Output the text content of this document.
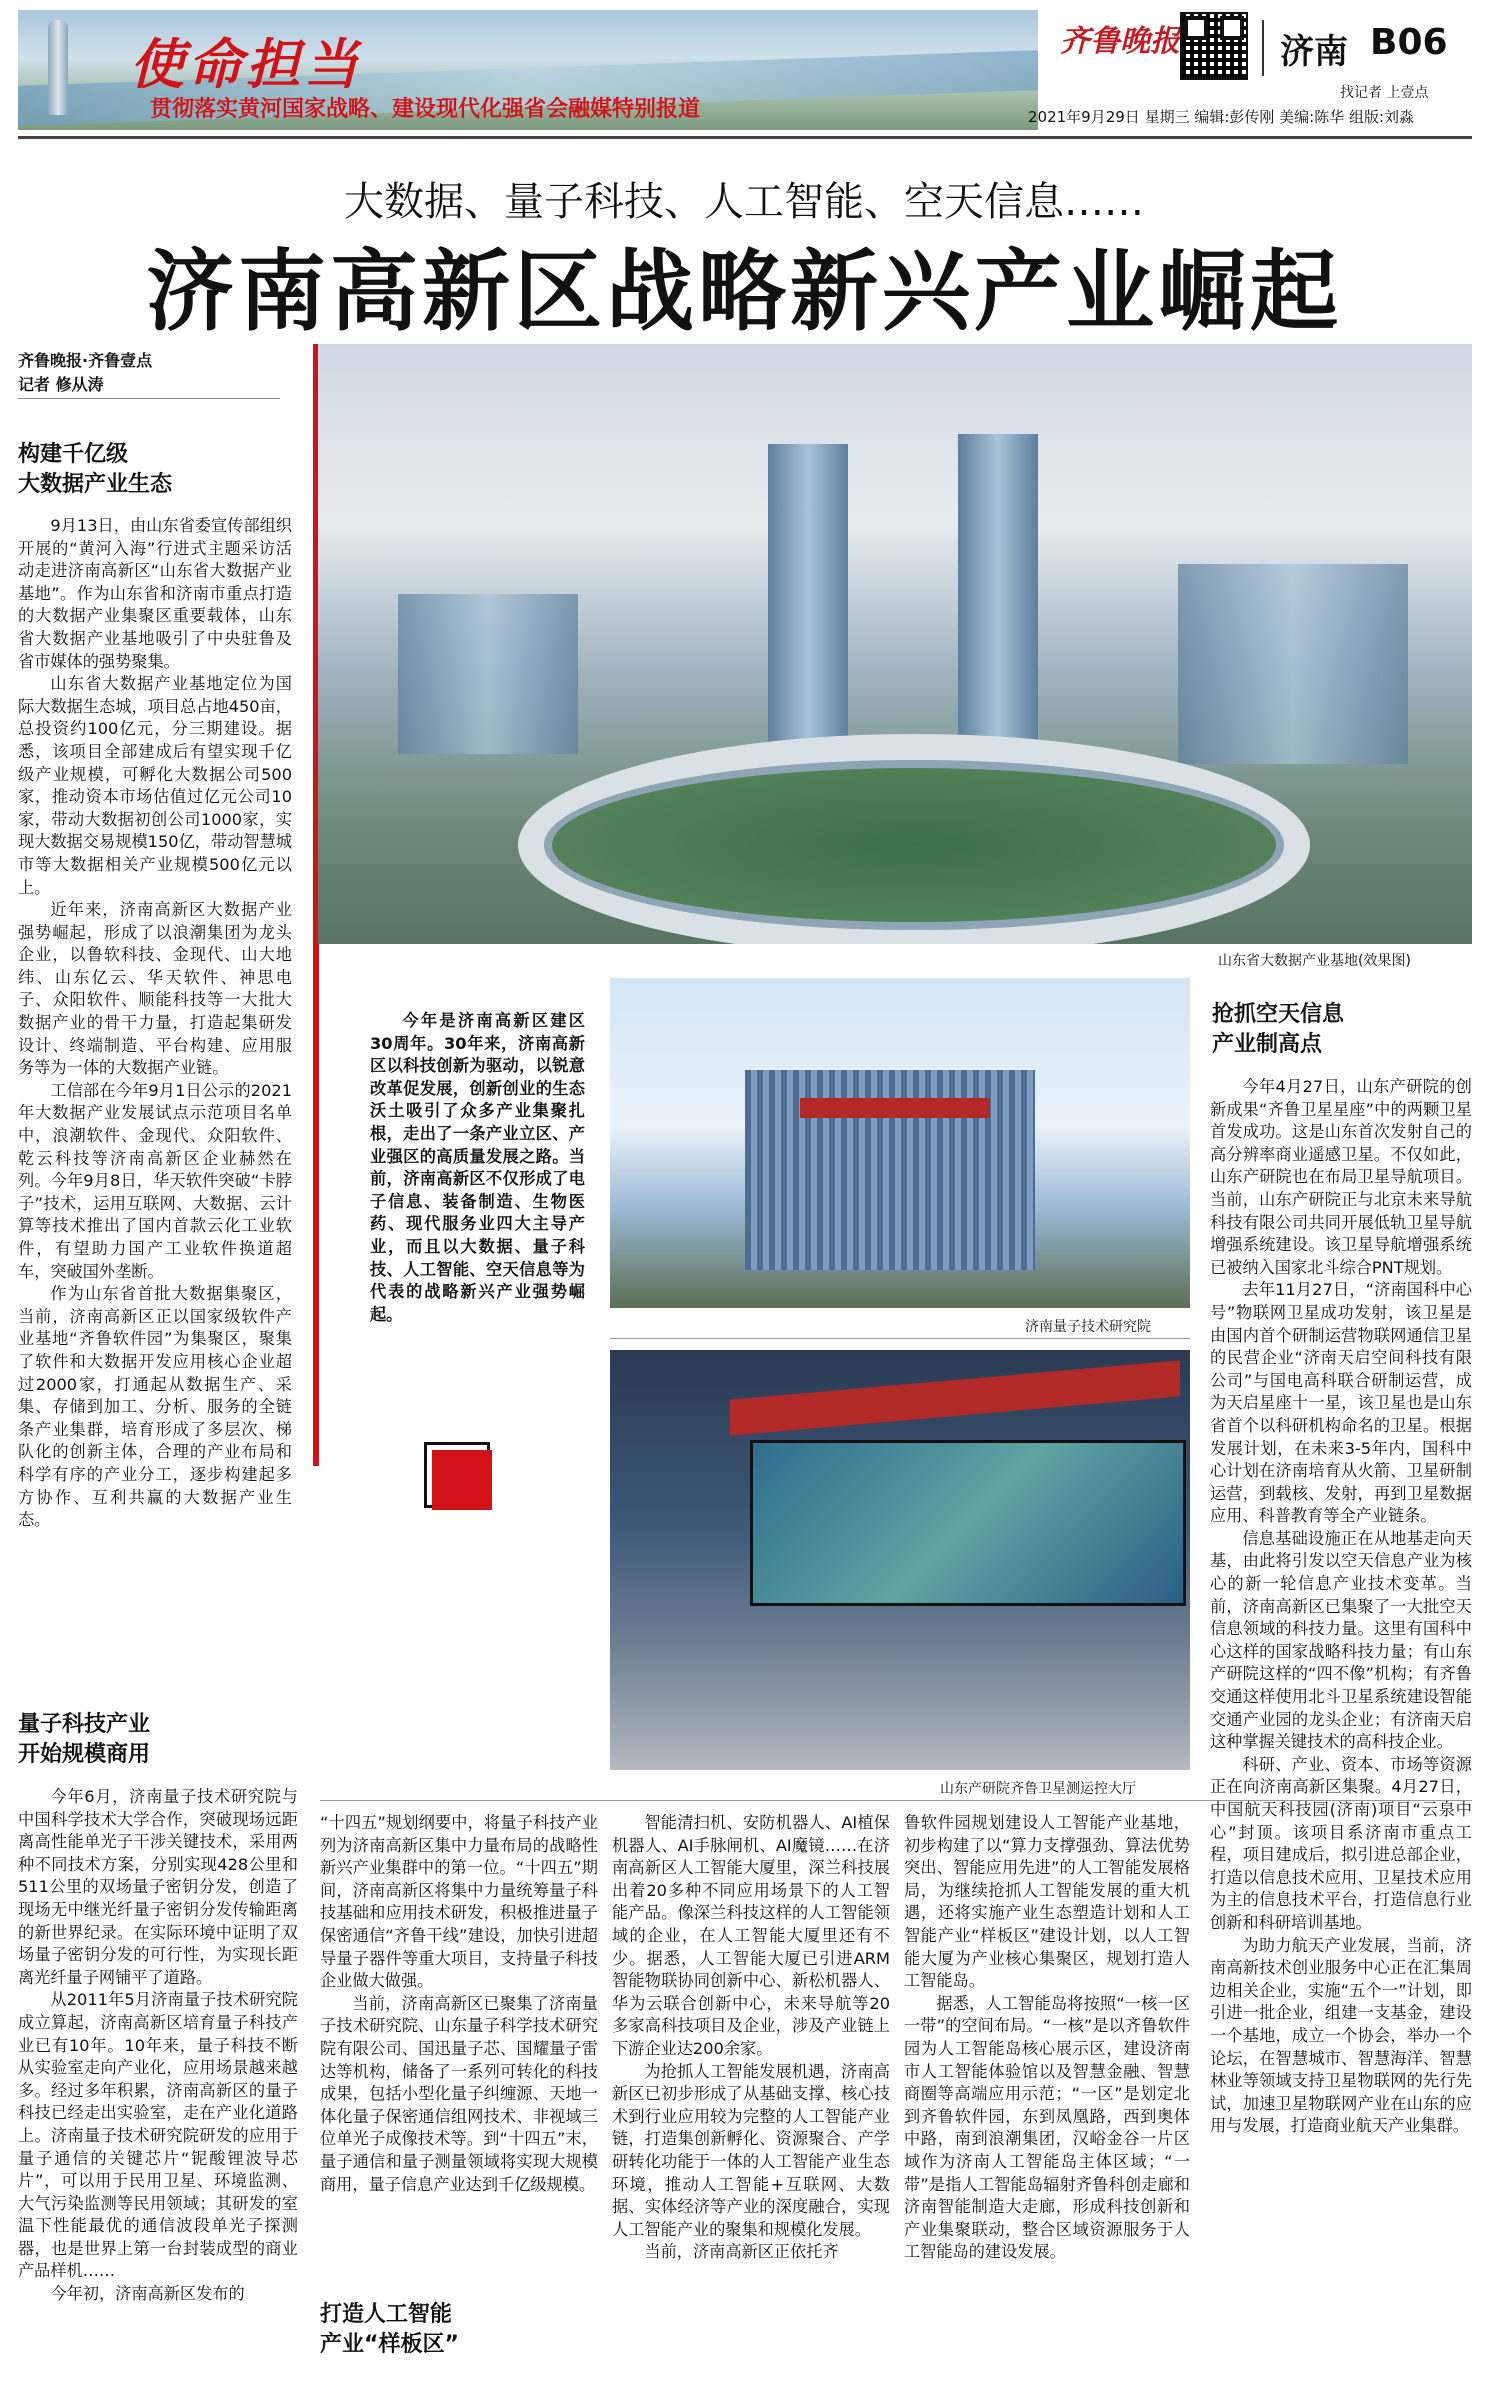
使命担当
贯彻落实黄河国家战略、建设现代化强省会融媒特别报道
齐鲁晚报	济南 B06
找记者 上壹点
2021年9月29日 星期三 编辑:彭传刚 美编:陈华 组版:刘淼
大数据、量子科技、人工智能、空天信息……
济南高新区战略新兴产业崛起
齐鲁晚报·齐鲁壹点
记者 修从涛
构建千亿级
大数据产业生态

9月13日，由山东省委宣传部组织开展的“黄河入海”行进式主题采访活动走进济南高新区“山东省大数据产业基地”。作为山东省和济南市重点打造的大数据产业集聚区重要载体，山东省大数据产业基地吸引了中央驻鲁及省市媒体的强势聚集。

山东省大数据产业基地定位为国际大数据生态城，项目总占地450亩，总投资约100亿元，分三期建设。据悉，该项目全部建成后有望实现千亿级产业规模，可孵化大数据公司500家，推动资本市场估值过亿元公司10家，带动大数据初创公司1000家，实现大数据交易规模150亿，带动智慧城市等大数据相关产业规模500亿元以上。

近年来，济南高新区大数据产业强势崛起，形成了以浪潮集团为龙头企业，以鲁软科技、金现代、山大地纬、山东亿云、华天软件、神思电子、众阳软件、顺能科技等一大批大数据产业的骨干力量，打造起集研发设计、终端制造、平台构建、应用服务等为一体的大数据产业链。

工信部在今年9月1日公示的2021年大数据产业发展试点示范项目名单中，浪潮软件、金现代、众阳软件、乾云科技等济南高新区企业赫然在列。今年9月8日，华天软件突破“卡脖子”技术，运用互联网、大数据、云计算等技术推出了国内首款云化工业软件，有望助力国产工业软件换道超车，突破国外垄断。

作为山东省首批大数据集聚区，当前，济南高新区正以国家级软件产业基地“齐鲁软件园”为集聚区，聚集了软件和大数据开发应用核心企业超过2000家，打通起从数据生产、采集、存储到加工、分析、服务的全链条产业集群，培育形成了多层次、梯队化的创新主体，合理的产业布局和科学有序的产业分工，逐步构建起多方协作、互利共赢的大数据产业生态。

量子科技产业
开始规模商用

今年6月，济南量子技术研究院与中国科学技术大学合作，突破现场远距离高性能单光子干涉关键技术，采用两种不同技术方案，分别实现428公里和511公里的双场量子密钥分发，创造了现场无中继光纤量子密钥分发传输距离的新世界纪录。在实际环境中证明了双场量子密钥分发的可行性，为实现长距离光纤量子网铺平了道路。

从2011年5月济南量子技术研究院成立算起，济南高新区培育量子科技产业已有10年。10年来，量子科技不断从实验室走向产业化，应用场景越来越多。经过多年积累，济南高新区的量子科技已经走出实验室，走在产业化道路上。济南量子技术研究院研发的应用于量子通信的关键芯片“铌酸锂波导芯片”，可以用于民用卫星、环境监测、大气污染监测等民用领域；其研发的室温下性能最优的通信波段单光子探测器，也是世界上第一台封装成型的商业产品样机……

今年初，济南高新区发布的

山东省大数据产业基地(效果图)

今年是济南高新区建区30周年。30年来，济南高新区以科技创新为驱动，以锐意改革促发展，创新创业的生态沃土吸引了众多产业集聚扎根，走出了一条产业立区、产业强区的高质量发展之路。当前，济南高新区不仅形成了电子信息、装备制造、生物医药、现代服务业四大主导产业，而且以大数据、量子科技、人工智能、空天信息等为代表的战略新兴产业强势崛起。

济南量子技术研究院
山东产研院齐鲁卫星测运控大厅

“十四五”规划纲要中，将量子科技产业列为济南高新区集中力量布局的战略性新兴产业集群中的第一位。“十四五”期间，济南高新区将集中力量统筹量子科技基础和应用技术研发，积极推进量子保密通信“齐鲁干线”建设，加快引进超导量子器件等重大项目，支持量子科技企业做大做强。

当前，济南高新区已聚集了济南量子技术研究院、山东量子科学技术研究院有限公司、国迅量子芯、国耀量子雷达等机构，储备了一系列可转化的科技成果，包括小型化量子纠缠源、天地一体化量子保密通信组网技术、非视域三位单光子成像技术等。到“十四五”末，量子通信和量子测量领域将实现大规模商用，量子信息产业达到千亿级规模。

打造人工智能
产业“样板区”

智能清扫机、安防机器人、AI植保机器人、AI手脉闸机、AI魔镜……在济南高新区人工智能大厦里，深兰科技展出着20多种不同应用场景下的人工智能产品。像深兰科技这样的人工智能领域的企业，在人工智能大厦里还有不少。据悉，人工智能大厦已引进ARM智能物联协同创新中心、新松机器人、华为云联合创新中心，未来导航等20多家高科技项目及企业，涉及产业链上下游企业达200余家。

为抢抓人工智能发展机遇，济南高新区已初步形成了从基础支撑、核心技术到行业应用较为完整的人工智能产业链，打造集创新孵化、资源聚合、产学研转化功能于一体的人工智能产业生态环境，推动人工智能+互联网、大数据、实体经济等产业的深度融合，实现人工智能产业的聚集和规模化发展。

当前，济南高新区正依托齐

鲁软件园规划建设人工智能产业基地，初步构建了以“算力支撑强劲、算法优势突出、智能应用先进”的人工智能发展格局，为继续抢抓人工智能发展的重大机遇，还将实施产业生态塑造计划和人工智能产业“样板区”建设计划，以人工智能大厦为产业核心集聚区，规划打造人工智能岛。

据悉，人工智能岛将按照“一核一区一带”的空间布局。“一核”是以齐鲁软件园为人工智能岛核心展示区，建设济南市人工智能体验馆以及智慧金融、智慧商圈等高端应用示范；“一区”是划定北到齐鲁软件园，东到凤凰路，西到奥体中路，南到浪潮集团，汉峪金谷一片区域作为济南人工智能岛主体区域；“一带”是指人工智能岛辐射齐鲁科创走廊和济南智能制造大走廊，形成科技创新和产业集聚联动，整合区域资源服务于人工智能岛的建设发展。

抢抓空天信息
产业制高点

今年4月27日，山东产研院的创新成果“齐鲁卫星星座”中的两颗卫星首发成功。这是山东首次发射自己的高分辨率商业遥感卫星。不仅如此，山东产研院也在布局卫星导航项目。当前，山东产研院正与北京未来导航科技有限公司共同开展低轨卫星导航增强系统建设。该卫星导航增强系统已被纳入国家北斗综合PNT规划。

去年11月27日，“济南国科中心号”物联网卫星成功发射，该卫星是由国内首个研制运营物联网通信卫星的民营企业“济南天启空间科技有限公司”与国电高科联合研制运营，成为天启星座十一星，该卫星也是山东省首个以科研机构命名的卫星。根据发展计划，在未来3-5年内，国科中心计划在济南培育从火箭、卫星研制运营，到载核、发射，再到卫星数据应用、科普教育等全产业链条。

信息基础设施正在从地基走向天基，由此将引发以空天信息产业为核心的新一轮信息产业技术变革。当前，济南高新区已集聚了一大批空天信息领域的科技力量。这里有国科中心这样的国家战略科技力量；有山东产研院这样的“四不像”机构；有齐鲁交通这样使用北斗卫星系统建设智能交通产业园的龙头企业；有济南天启这种掌握关键技术的高科技企业。

科研、产业、资本、市场等资源正在向济南高新区集聚。4月27日，中国航天科技园(济南)项目“云泉中心”封顶。该项目系济南市重点工程，项目建成后，拟引进总部企业，打造以信息技术应用、卫星技术应用为主的信息技术平台，打造信息行业创新和科研培训基地。

为助力航天产业发展，当前，济南高新技术创业服务中心正在汇集周边相关企业，实施“五个一”计划，即引进一批企业，组建一支基金，建设一个基地，成立一个协会，举办一个论坛，在智慧城市、智慧海洋、智慧林业等领域支持卫星物联网的先行先试，加速卫星物联网产业在山东的应用与发展，打造商业航天产业集群。
